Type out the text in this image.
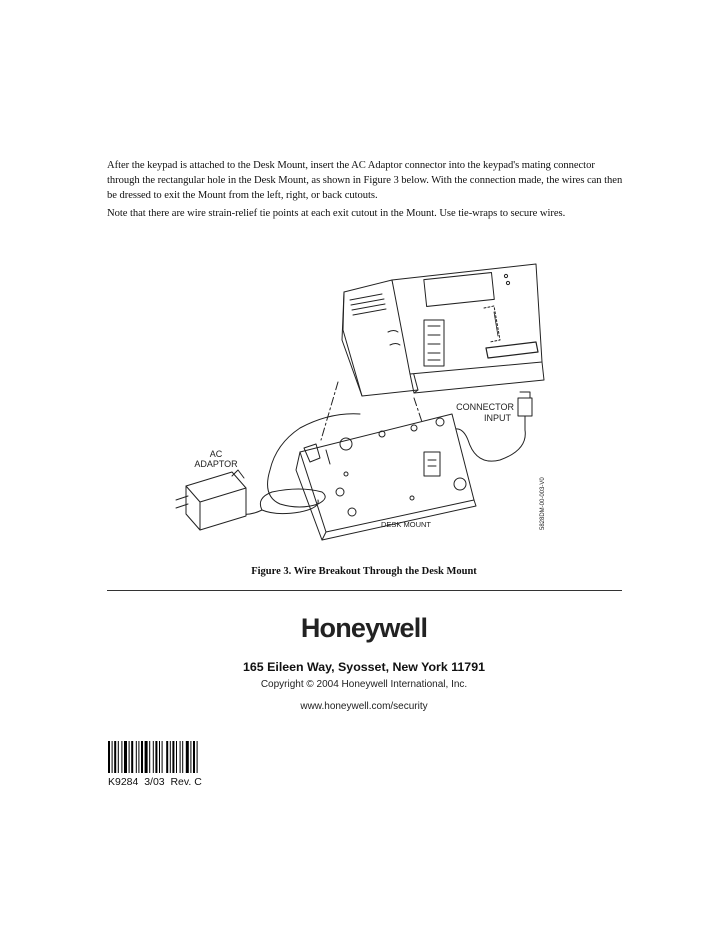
After the keypad is attached to the Desk Mount, insert the AC Adaptor connector into the keypad's mating connector through the rectangular hole in the Desk Mount, as shown in Figure 3 below. With the connection made, the wires can then be dressed to exit the Mount from the left, right, or back cutouts.
Note that there are wire strain-relief tie points at each exit cutout in the Mount. Use tie-wraps to secure wires.
CONNECTOR
INPUT
AC
ADAPTOR
DESK MOUNT	5828DM-00-003-V0
Figure 3. Wire Breakout Through the Desk Mount
Honeywell
165 Eileen Way, Syosset, New York 11791
Copyright © 2004 Honeywell International, Inc.
www.honeywell.com/security
K9284  3/03  Rev. C
